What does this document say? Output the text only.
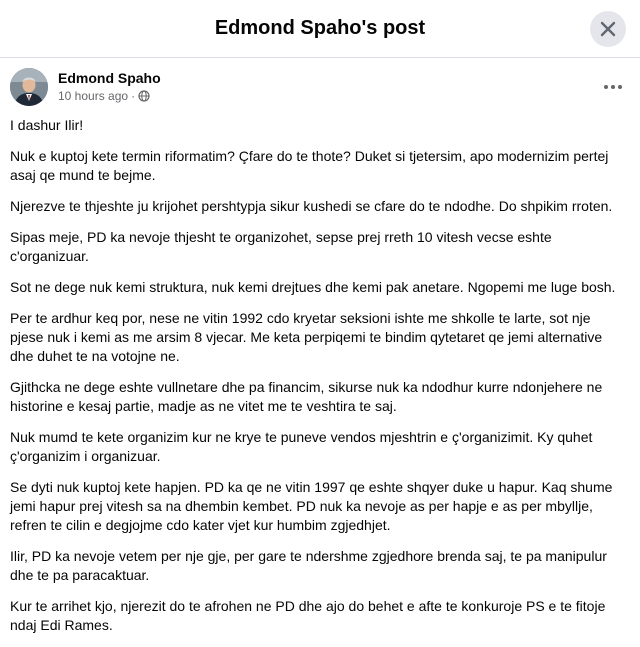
Edmond Spaho's post
Edmond Spaho
10 hours ago ·

I dashur Ilir!

Nuk e kuptoj kete termin riformatim? Çfare do te thote? Duket si tjetersim, apo modernizim pertej asaj qe mund te bejme.

Njerezve te thjeshte ju krijohet pershtypja sikur kushedi se cfare do te ndodhe. Do shpikim rroten.

Sipas meje, PD ka nevoje thjesht te organizohet, sepse prej rreth 10 vitesh vecse eshte c'organizuar.

Sot ne dege nuk kemi struktura, nuk kemi drejtues dhe kemi pak anetare. Ngopemi me luge bosh.

Per te ardhur keq por, nese ne vitin 1992 cdo kryetar seksioni ishte me shkolle te larte, sot nje pjese nuk i kemi as me arsim 8 vjecar. Me keta perpiqemi te bindim qytetaret qe jemi alternative dhe duhet te na votojne ne.

Gjithcka ne dege eshte vullnetare dhe pa financim, sikurse nuk ka ndodhur kurre ndonjehere ne historine e kesaj partie, madje as ne vitet me te veshtira te saj.

Nuk mumd te kete organizim kur ne krye te puneve vendos mjeshtrin e ç'organizimit. Ky quhet ç'organizim i organizuar.

Se dyti nuk kuptoj kete hapjen. PD ka qe ne vitin 1997 qe eshte shqyer duke u hapur. Kaq shume jemi hapur prej vitesh sa na dhembin kembet. PD nuk ka nevoje as per hapje e as per mbyllje, refren te cilin e degjojme cdo kater vjet kur humbim zgjedhjet.

Ilir, PD ka nevoje vetem per nje gje, per gare te ndershme zgjedhore brenda saj, te pa manipulur dhe te pa paracaktuar.

Kur te arrihet kjo, njerezit do te afrohen ne PD dhe ajo do behet e afte te konkuroje PS e te fitoje ndaj Edi Rames.
